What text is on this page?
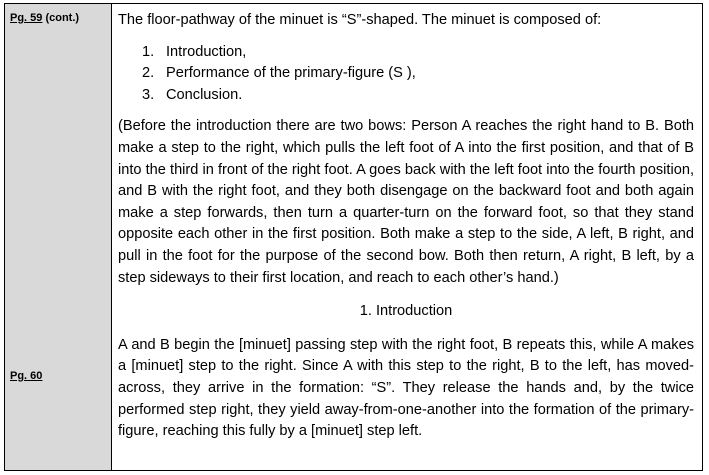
Pg. 59 (cont.)
Pg. 60

The floor-pathway of the minuet is “S”-shaped. The minuet is composed of:

1. Introduction,
2. Performance of the primary-figure (S ),
3. Conclusion.

(Before the introduction there are two bows: Person A reaches the right hand to B. Both make a step to the right, which pulls the left foot of A into the first position, and that of B into the third in front of the right foot. A goes back with the left foot into the fourth position, and B with the right foot, and they both disengage on the backward foot and both again make a step forwards, then turn a quarter-turn on the forward foot, so that they stand opposite each other in the first position. Both make a step to the side, A left, B right, and pull in the foot for the purpose of the second bow. Both then return, A right, B left, by a step sideways to their first location, and reach to each other’s hand.)

1. Introduction

A and B begin the [minuet] passing step with the right foot, B repeats this, while A makes a [minuet] step to the right. Since A with this step to the right, B to the left, has moved-across, they arrive in the formation: “S”. They release the hands and, by the twice performed step right, they yield away-from-one-another into the formation of the primary-figure, reaching this fully by a [minuet] step left.
